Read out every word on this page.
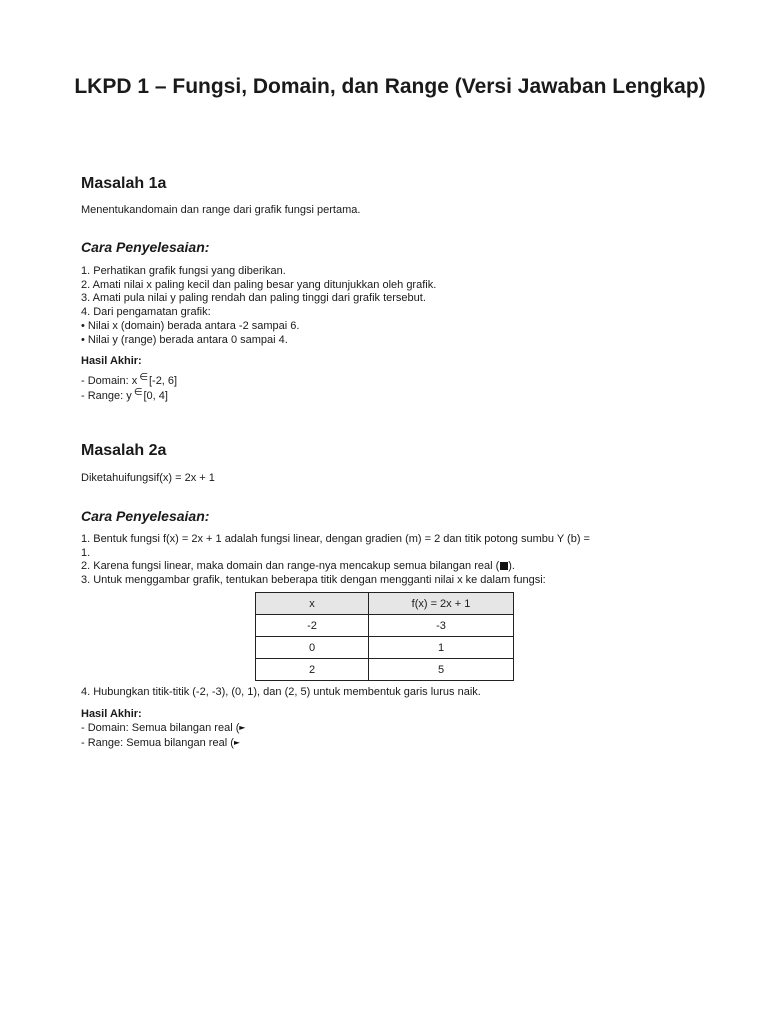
LKPD 1 – Fungsi, Domain, dan Range (Versi Jawaban Lengkap)
Masalah 1a

Menentukandomain dan range dari grafik fungsi pertama.

Cara Penyelesaian:

1. Perhatikan grafik fungsi yang diberikan.

2. Amati nilai x paling kecil dan paling besar yang ditunjukkan oleh grafik.

3. Amati pula nilai y paling rendah dan paling tinggi dari grafik tersebut.

4. Dari pengamatan grafik:

• Nilai x (domain) berada antara -2 sampai 6.

• Nilai y (range) berada antara 0 sampai 4.

Hasil Akhir:

- Domain: x ∈[-2, 6]

- Range: y ∈[0, 4]

Masalah 2a

Diketahuifungsif(x) = 2x + 1

Cara Penyelesaian:

1. Bentuk fungsi f(x) = 2x + 1 adalah fungsi linear, dengan gradien (m) = 2 dan titik potong sumbu Y (b) =

1.

2. Karena fungsi linear, maka domain dan range-nya mencakup semua bilangan real ( ).

3. Untuk menggambar grafik, tentukan beberapa titik dengan mengganti nilai x ke dalam fungsi:

x	f(x) = 2x + 1
-2	-3
0	1
2	5

4. Hubungkan titik-titik (-2, -3), (0, 1), dan (2, 5) untuk membentuk garis lurus naik.

Hasil Akhir:

- Domain: Semua bilangan real (

- Range: Semua bilangan real (
